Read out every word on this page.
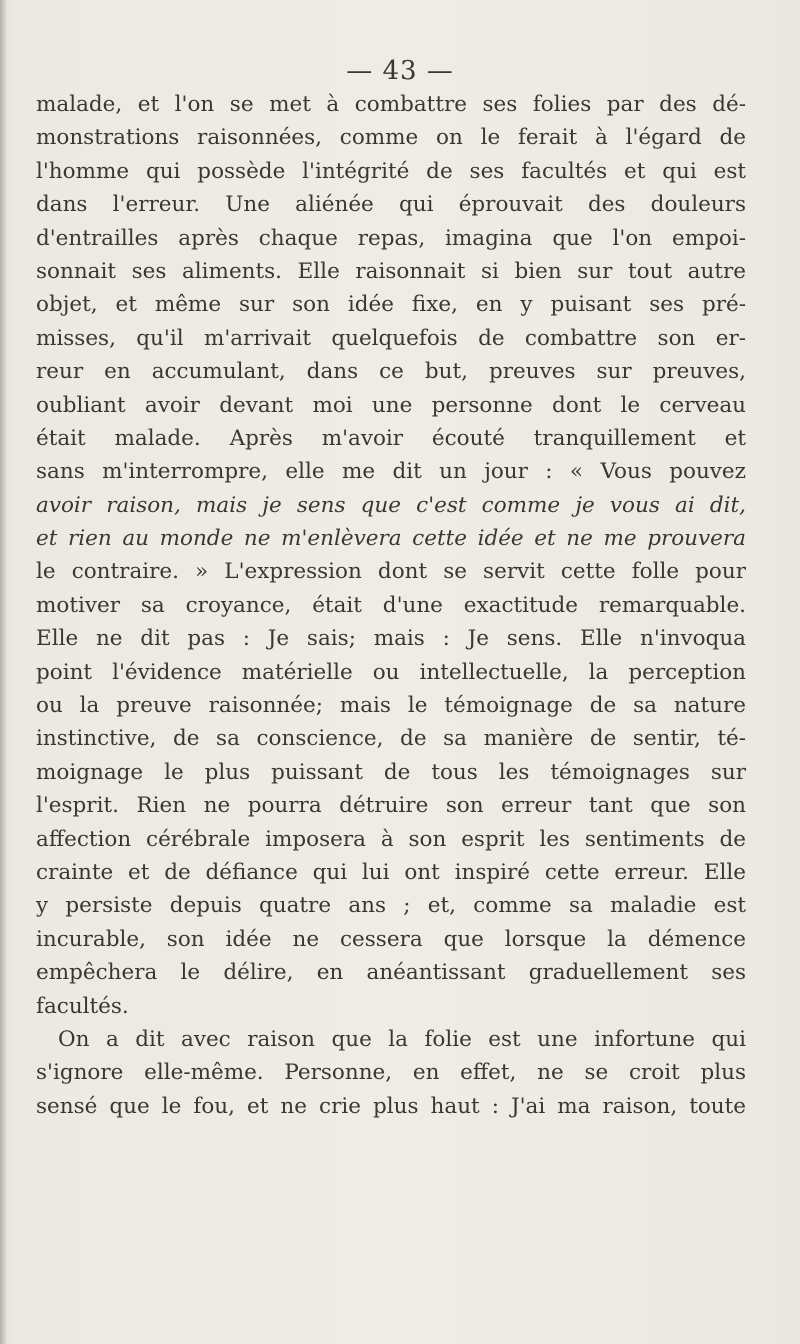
— 43 —
malade, et l'on se met à combattre ses folies par des dé-
monstrations raisonnées, comme on le ferait à l'égard de
l'homme qui possède l'intégrité de ses facultés et qui est
dans l'erreur. Une aliénée qui éprouvait des douleurs
d'entrailles après chaque repas, imagina que l'on empoi-
sonnait ses aliments. Elle raisonnait si bien sur tout autre
objet, et même sur son idée fixe, en y puisant ses pré-
misses, qu'il m'arrivait quelquefois de combattre son er-
reur en accumulant, dans ce but, preuves sur preuves,
oubliant avoir devant moi une personne dont le cerveau
était malade. Après m'avoir écouté tranquillement et
sans m'interrompre, elle me dit un jour : « Vous pouvez
avoir raison, mais je sens que c'est comme je vous ai dit,
et rien au monde ne m'enlèvera cette idée et ne me prouvera
le contraire. » L'expression dont se servit cette folle pour
motiver sa croyance, était d'une exactitude remarquable.
Elle ne dit pas : Je sais; mais : Je sens. Elle n'invoqua
point l'évidence matérielle ou intellectuelle, la perception
ou la preuve raisonnée; mais le témoignage de sa nature
instinctive, de sa conscience, de sa manière de sentir, té-
moignage le plus puissant de tous les témoignages sur
l'esprit. Rien ne pourra détruire son erreur tant que son
affection cérébrale imposera à son esprit les sentiments de
crainte et de défiance qui lui ont inspiré cette erreur. Elle
y persiste depuis quatre ans ; et, comme sa maladie est
incurable, son idée ne cessera que lorsque la démence
empêchera le délire, en anéantissant graduellement ses
facultés.
On a dit avec raison que la folie est une infortune qui
s'ignore elle-même. Personne, en effet, ne se croit plus
sensé que le fou, et ne crie plus haut : J'ai ma raison, toute
